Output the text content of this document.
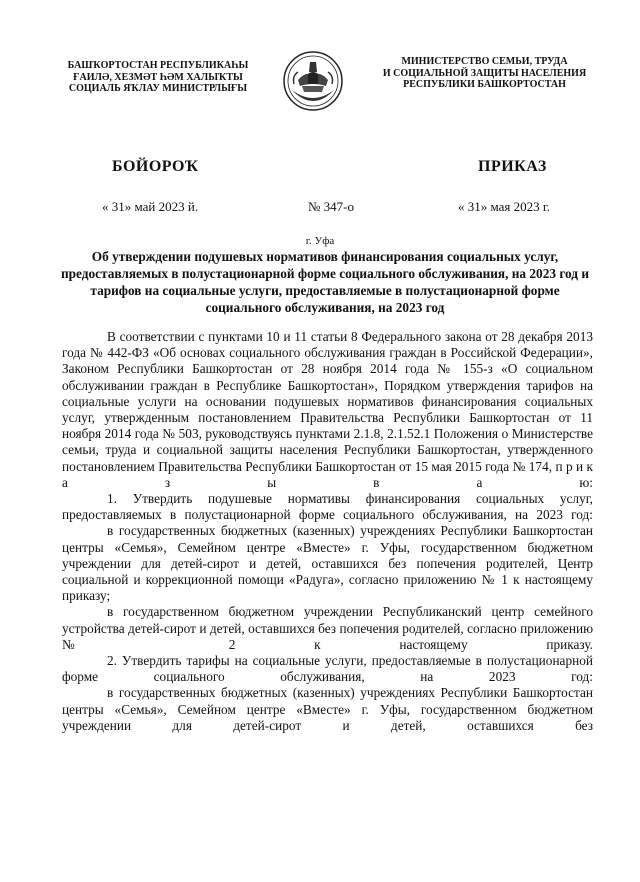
БАШҠОРТОСТАН РЕСПУБЛИКАҺЫ
ҒАИЛӘ, ХЕЗМӘТ ҺӘМ ХАЛЫҠТЫ
СОЦИАЛЬ ЯҠЛАУ МИНИСТРЛЫҒЫ
МИНИСТЕРСТВО СЕМЬИ, ТРУДА
И СОЦИАЛЬНОЙ ЗАЩИТЫ НАСЕЛЕНИЯ
РЕСПУБЛИКИ БАШКОРТОСТАН
БОЙОРОҠ	ПРИКАЗ
« 31» май 2023 й.	№ 347-о	« 31» мая 2023 г.
г. Уфа
Об утверждении подушевых нормативов финансирования социальных услуг, предоставляемых в полустационарной форме социального обслуживания, на 2023 год и тарифов на социальные услуги, предоставляемые в полустационарной форме социального обслуживания, на 2023 год

В соответствии с пунктами 10 и 11 статьи 8 Федерального закона от 28 декабря 2013 года № 442-ФЗ «Об основах социального обслуживания граждан в Российской Федерации», Законом Республики Башкортостан от 28 ноября 2014 года № 155-з «О социальном обслуживании граждан в Республике Башкортостан», Порядком утверждения тарифов на социальные услуги на основании подушевых нормативов финансирования социальных услуг, утвержденным постановлением Правительства Республики Башкортостан от 11 ноября 2014 года № 503, руководствуясь пунктами 2.1.8, 2.1.52.1 Положения о Министерстве семьи, труда и социальной защиты населения Республики Башкортостан, утвержденного постановлением Правительства Республики Башкортостан от 15 мая 2015 года № 174, п р и к а з ы в а ю:

1. Утвердить подушевые нормативы финансирования социальных услуг, предоставляемых в полустационарной форме социального обслуживания, на 2023 год:

в государственных бюджетных (казенных) учреждениях Республики Башкортостан центры «Семья», Семейном центре «Вместе» г. Уфы, государственном бюджетном учреждении для детей-сирот и детей, оставшихся без попечения родителей, Центр социальной и коррекционной помощи «Радуга», согласно приложению № 1 к настоящему приказу;

в государственном бюджетном учреждении Республиканский центр семейного устройства детей-сирот и детей, оставшихся без попечения родителей, согласно приложению № 2 к настоящему приказу.

2. Утвердить тарифы на социальные услуги, предоставляемые в полустационарной форме социального обслуживания, на 2023 год:

в государственных бюджетных (казенных) учреждениях Республики Башкортостан центры «Семья», Семейном центре «Вместе» г. Уфы, государственном бюджетном учреждении для детей-сирот и детей, оставшихся без
